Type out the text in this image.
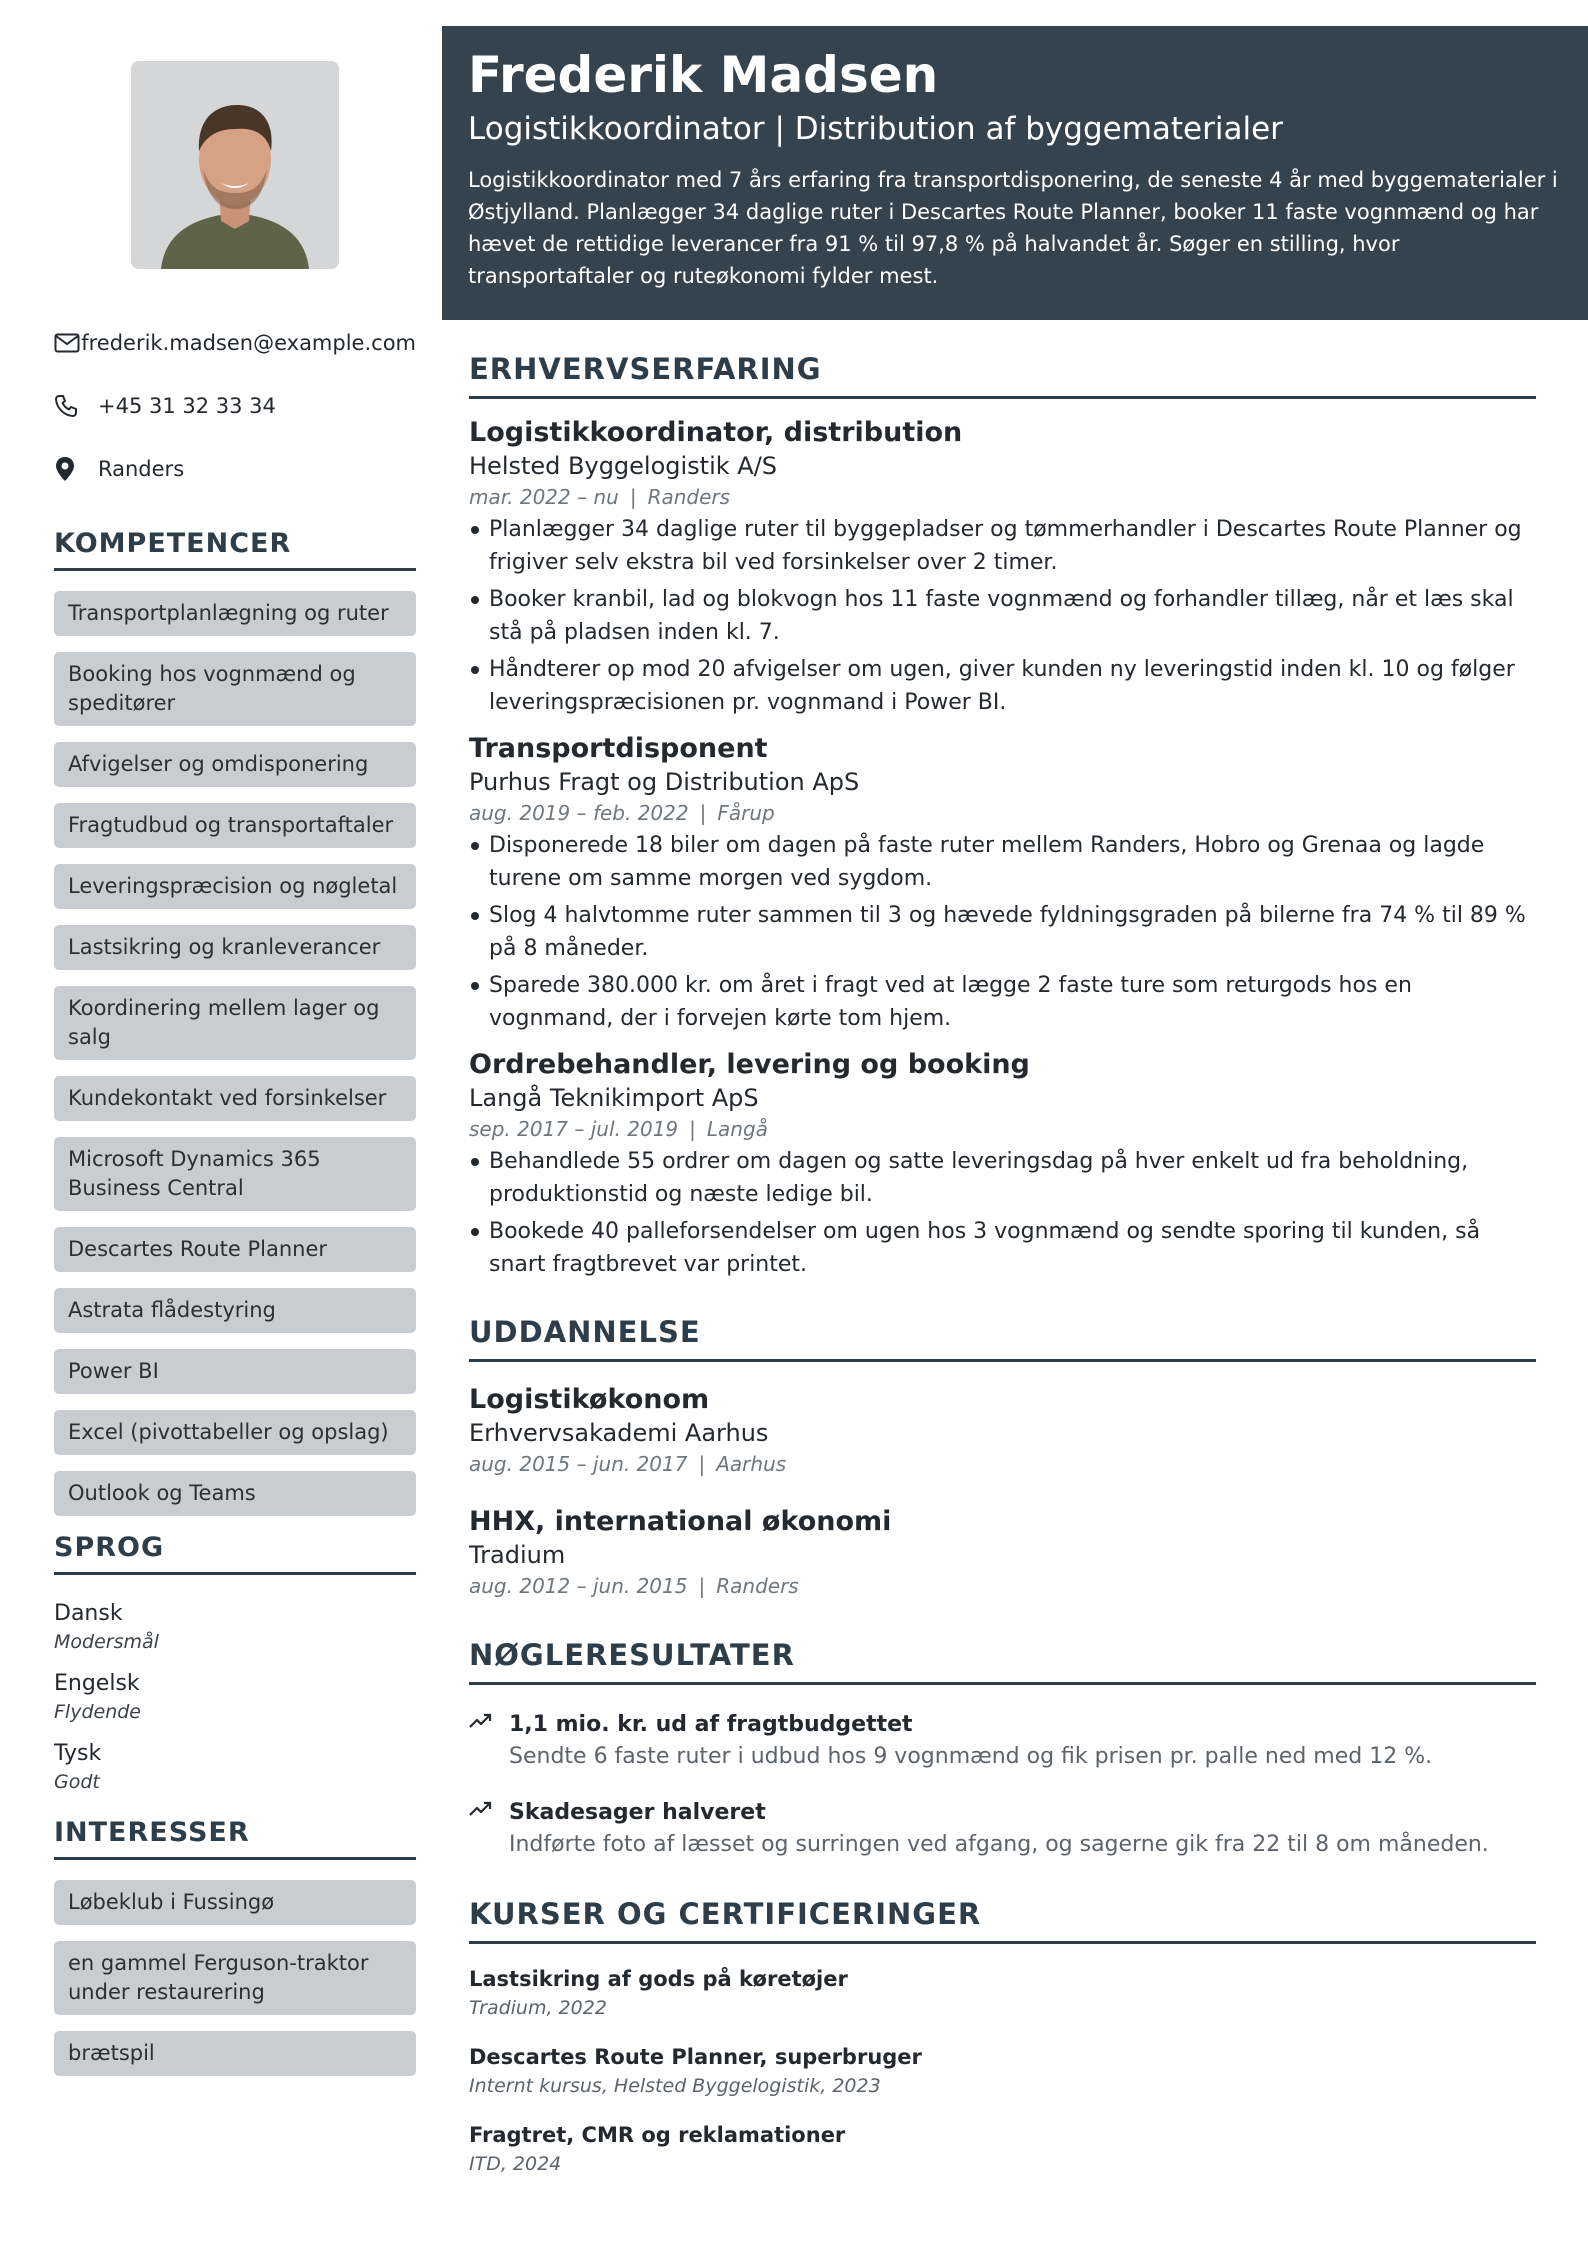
frederik.madsen@example.com
+45 31 32 33 34
Randers
KOMPETENCER
Transportplanlægning og ruter
Booking hos vognmænd og speditører
Afvigelser og omdisponering
Fragtudbud og transportaftaler
Leveringspræcision og nøgletal
Lastsikring og kranleverancer
Koordinering mellem lager og salg
Kundekontakt ved forsinkelser
Microsoft Dynamics 365 Business Central
Descartes Route Planner
Astrata flådestyring
Power BI
Excel (pivottabeller og opslag)
Outlook og Teams
SPROG
Dansk
Modersmål
Engelsk
Flydende
Tysk
Godt
INTERESSER
Løbeklub i Fussingø
en gammel Ferguson-traktor under restaurering
brætspil
Frederik Madsen
Logistikkoordinator | Distribution af byggematerialer

Logistikkoordinator med 7 års erfaring fra transportdisponering, de seneste 4 år med byggematerialer i Østjylland. Planlægger 34 daglige ruter i Descartes Route Planner, booker 11 faste vognmænd og har hævet de rettidige leverancer fra 91 % til 97,8 % på halvandet år. Søger en stilling, hvor transportaftaler og ruteøkonomi fylder mest.

ERHVERVSERFARING
Logistikkoordinator, distribution
Helsted Byggelogistik A/S
mar. 2022 – nu | Randers
Planlægger 34 daglige ruter til byggepladser og tømmerhandler i Descartes Route Planner og frigiver selv ekstra bil ved forsinkelser over 2 timer.
Booker kranbil, lad og blokvogn hos 11 faste vognmænd og forhandler tillæg, når et læs skal stå på pladsen inden kl. 7.
Håndterer op mod 20 afvigelser om ugen, giver kunden ny leveringstid inden kl. 10 og følger leveringspræcisionen pr. vognmand i Power BI.
Transportdisponent
Purhus Fragt og Distribution ApS
aug. 2019 – feb. 2022 | Fårup
Disponerede 18 biler om dagen på faste ruter mellem Randers, Hobro og Grenaa og lagde turene om samme morgen ved sygdom.
Slog 4 halvtomme ruter sammen til 3 og hævede fyldningsgraden på bilerne fra 74 % til 89 % på 8 måneder.
Sparede 380.000 kr. om året i fragt ved at lægge 2 faste ture som returgods hos en vognmand, der i forvejen kørte tom hjem.
Ordrebehandler, levering og booking
Langå Teknikimport ApS
sep. 2017 – jul. 2019 | Langå
Behandlede 55 ordrer om dagen og satte leveringsdag på hver enkelt ud fra beholdning, produktionstid og næste ledige bil.
Bookede 40 palleforsendelser om ugen hos 3 vognmænd og sendte sporing til kunden, så snart fragtbrevet var printet.
UDDANNELSE
Logistikøkonom
Erhvervsakademi Aarhus
aug. 2015 – jun. 2017 | Aarhus
HHX, international økonomi
Tradium
aug. 2012 – jun. 2015 | Randers
NØGLERESULTATER
1,1 mio. kr. ud af fragtbudgettet
Sendte 6 faste ruter i udbud hos 9 vognmænd og fik prisen pr. palle ned med 12 %.
Skadesager halveret
Indførte foto af læsset og surringen ved afgang, og sagerne gik fra 22 til 8 om måneden.
KURSER OG CERTIFICERINGER
Lastsikring af gods på køretøjer
Tradium, 2022
Descartes Route Planner, superbruger
Internt kursus, Helsted Byggelogistik, 2023
Fragtret, CMR og reklamationer
ITD, 2024
